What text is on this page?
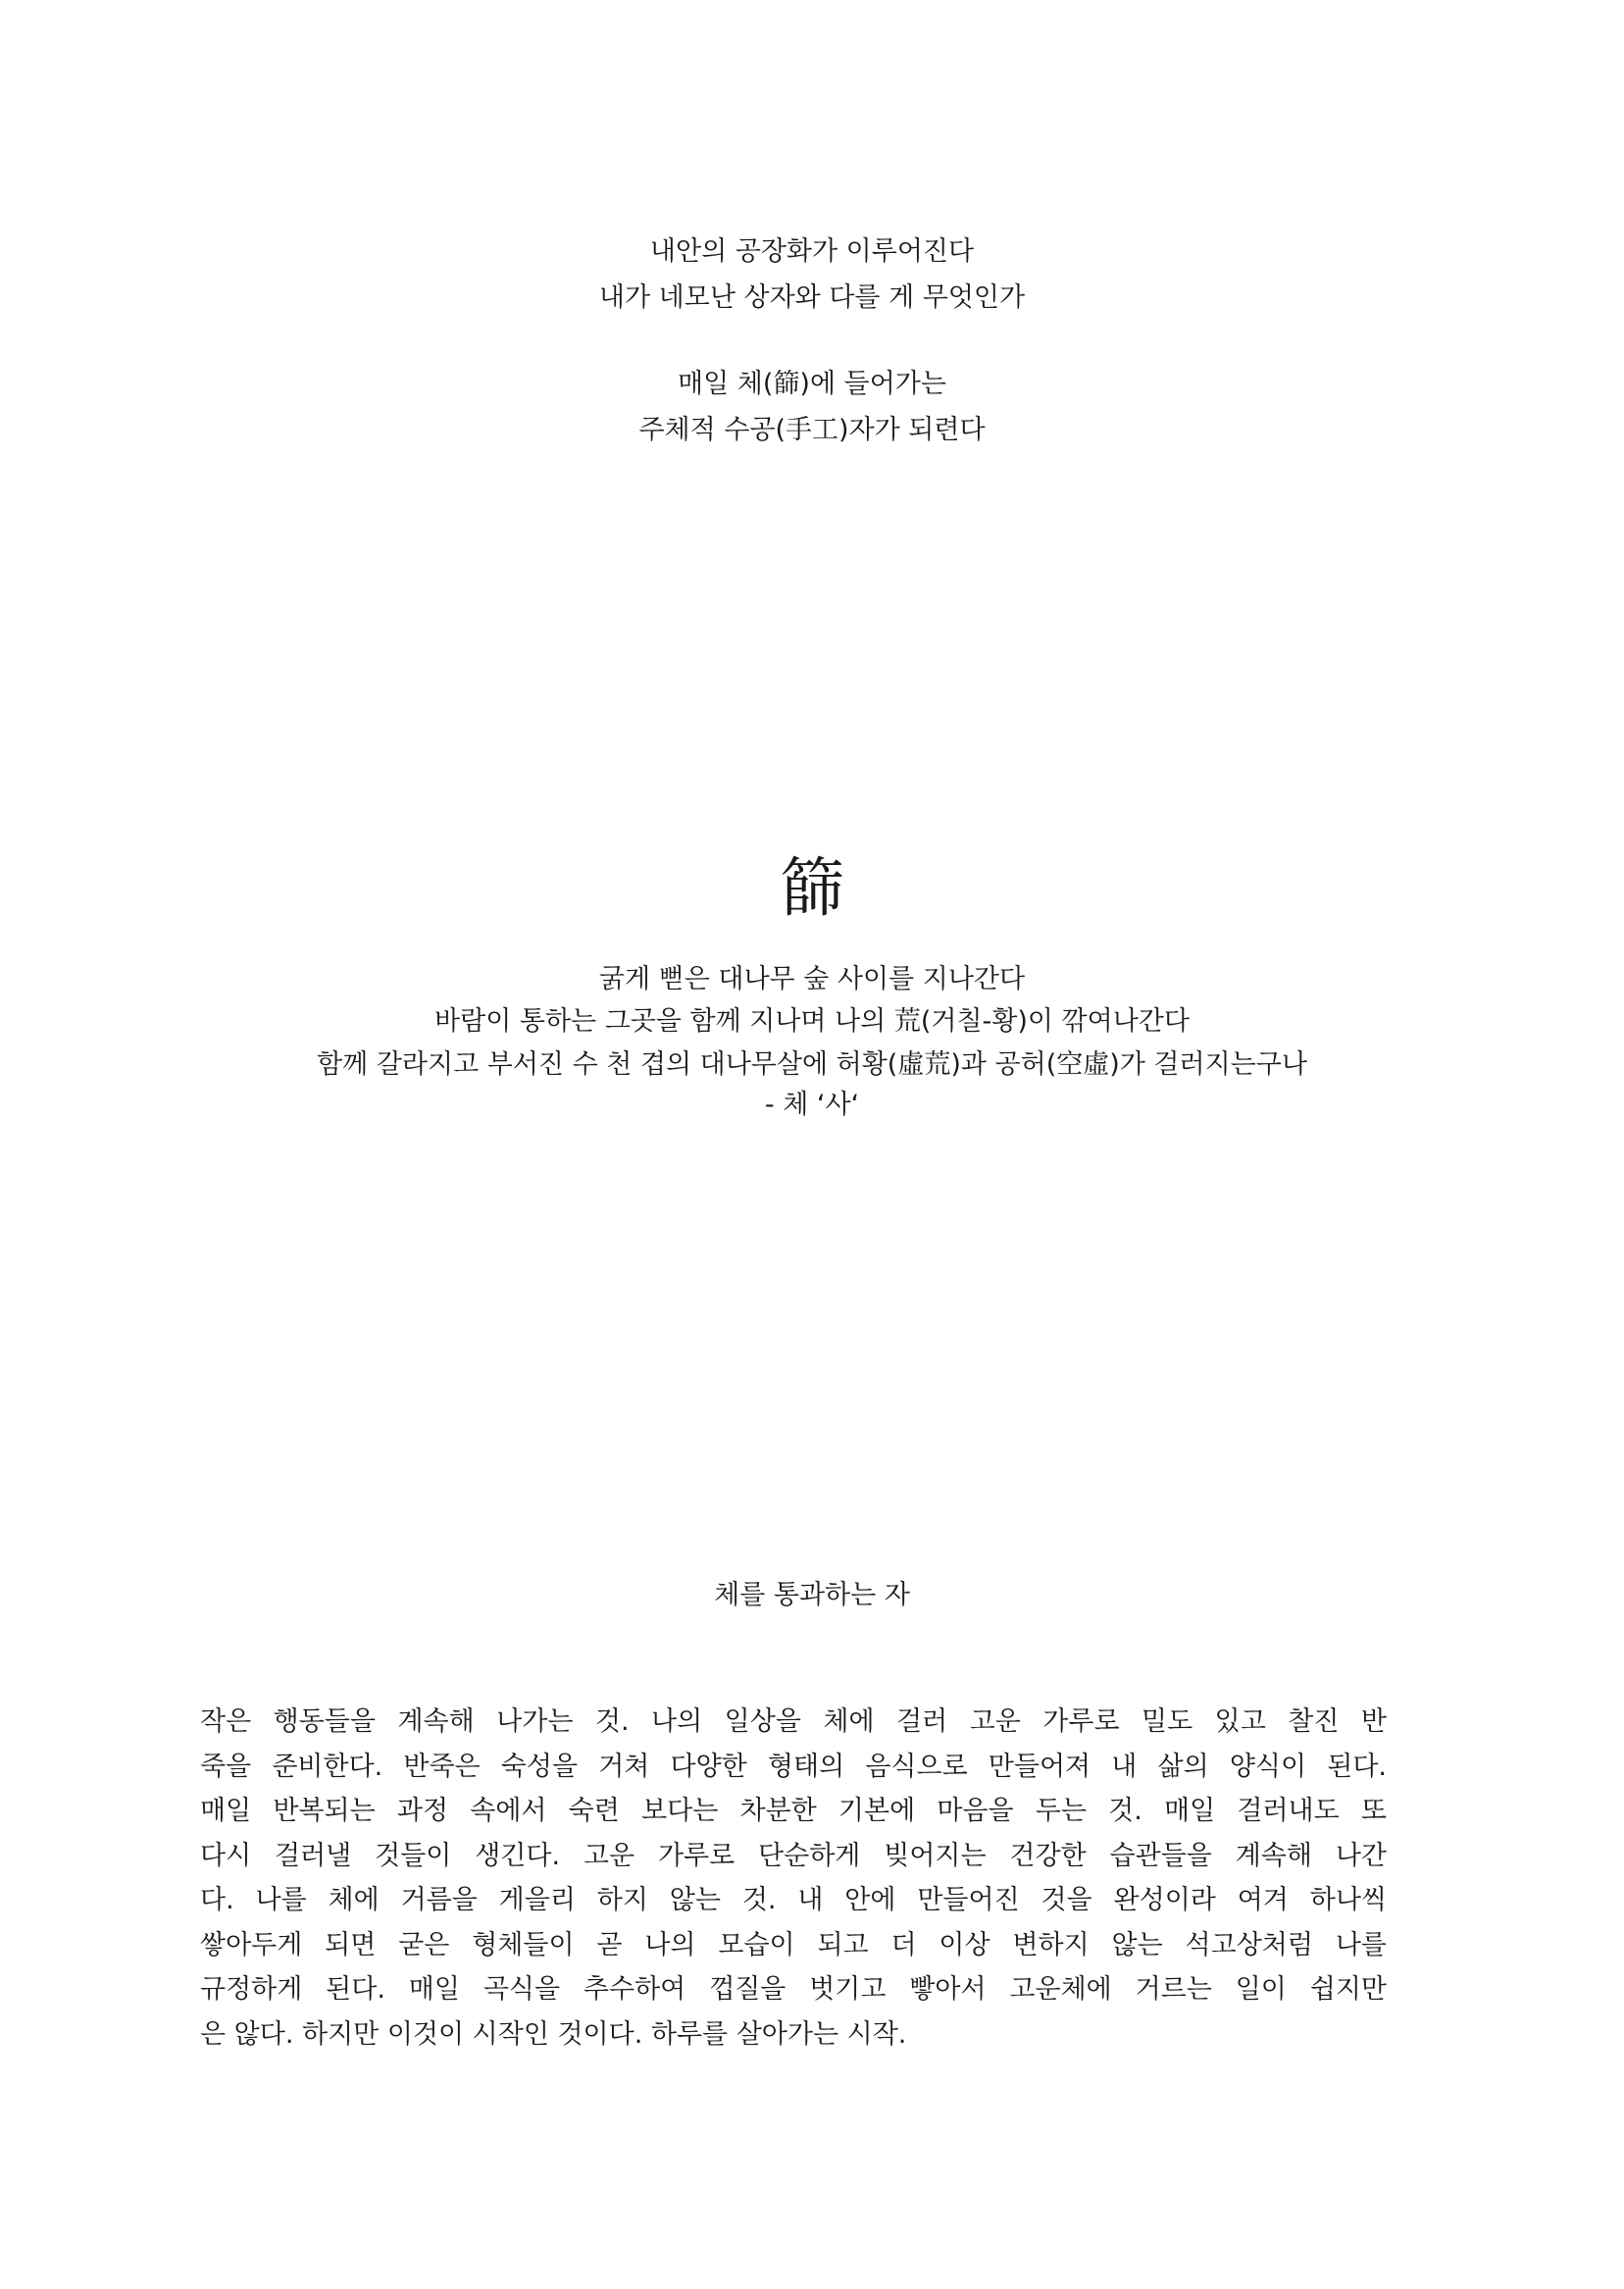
내안의 공장화가 이루어진다
내가 네모난 상자와 다를 게 무엇인가
매일 체(篩)에 들어가는
주체적 수공(手工)자가 되련다
篩
굵게 뻗은 대나무 숲 사이를 지나간다
바람이 통하는 그곳을 함께 지나며 나의 荒(거칠-황)이 깎여나간다
함께 갈라지고 부서진 수 천 겹의 대나무살에 허황(虛荒)과 공허(空虛)가 걸러지는구나
- 체 ‘사‘
체를 통과하는 자
작은 행동들을 계속해 나가는 것. 나의 일상을 체에 걸러 고운 가루로 밀도 있고 찰진 반
죽을 준비한다. 반죽은 숙성을 거쳐 다양한 형태의 음식으로 만들어져 내 삶의 양식이 된다.
매일 반복되는 과정 속에서 숙련 보다는 차분한 기본에 마음을 두는 것. 매일 걸러내도 또
다시 걸러낼 것들이 생긴다. 고운 가루로 단순하게 빚어지는 건강한 습관들을 계속해 나간
다. 나를 체에 거름을 게을리 하지 않는 것. 내 안에 만들어진 것을 완성이라 여겨 하나씩
쌓아두게 되면 굳은 형체들이 곧 나의 모습이 되고 더 이상 변하지 않는 석고상처럼 나를
규정하게 된다. 매일 곡식을 추수하여 껍질을 벗기고 빻아서 고운체에 거르는 일이 쉽지만
은 않다. 하지만 이것이 시작인 것이다. 하루를 살아가는 시작.
